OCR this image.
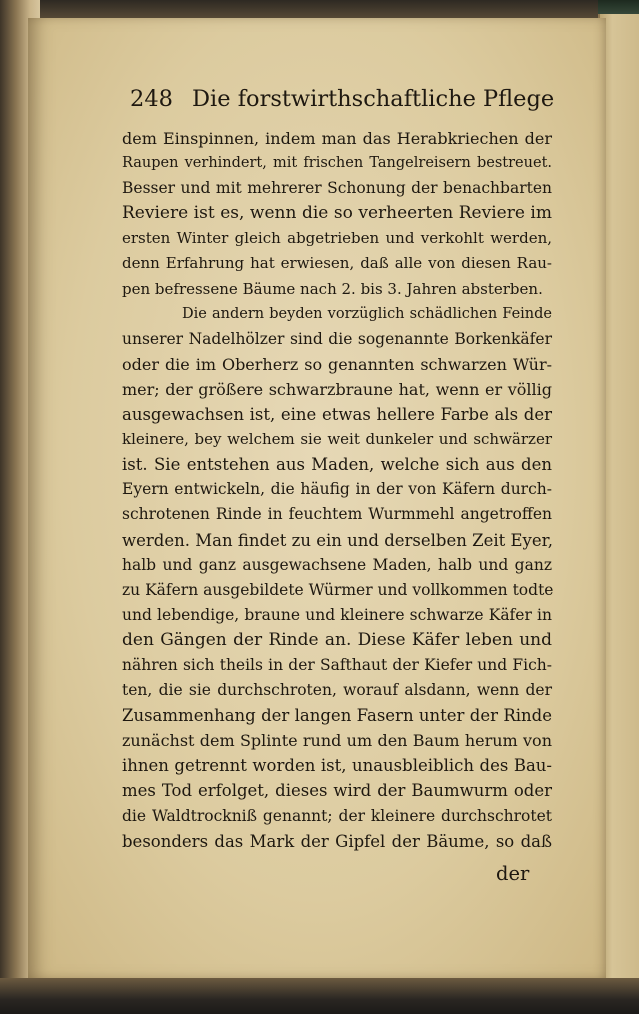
248 Die forstwirthschaftliche Pflege
dem Einspinnen, indem man das Herabkriechen der
Raupen verhindert, mit frischen Tangelreisern bestreuet.
Besser und mit mehrerer Schonung der benachbarten
Reviere ist es, wenn die so verheerten Reviere im
ersten Winter gleich abgetrieben und verkohlt werden,
denn Erfahrung hat erwiesen, daß alle von diesen Rau-
pen befressene Bäume nach 2. bis 3. Jahren absterben.
Die andern beyden vorzüglich schädlichen Feinde
unserer Nadelhölzer sind die sogenannte Borkenkäfer
oder die im Oberherz so genannten schwarzen Wür-
mer; der größere schwarzbraune hat, wenn er völlig
ausgewachsen ist, eine etwas hellere Farbe als der
kleinere, bey welchem sie weit dunkeler und schwärzer
ist. Sie entstehen aus Maden, welche sich aus den
Eyern entwickeln, die häufig in der von Käfern durch-
schrotenen Rinde in feuchtem Wurmmehl angetroffen
werden. Man findet zu ein und derselben Zeit Eyer,
halb und ganz ausgewachsene Maden, halb und ganz
zu Käfern ausgebildete Würmer und vollkommen todte
und lebendige, braune und kleinere schwarze Käfer in
den Gängen der Rinde an. Diese Käfer leben und
nähren sich theils in der Safthaut der Kiefer und Fich-
ten, die sie durchschroten, worauf alsdann, wenn der
Zusammenhang der langen Fasern unter der Rinde
zunächst dem Splinte rund um den Baum herum von
ihnen getrennt worden ist, unausbleiblich des Bau-
mes Tod erfolget, dieses wird der Baumwurm oder
die Waldtrockniß genannt; der kleinere durchschrotet
besonders das Mark der Gipfel der Bäume, so daß
der
